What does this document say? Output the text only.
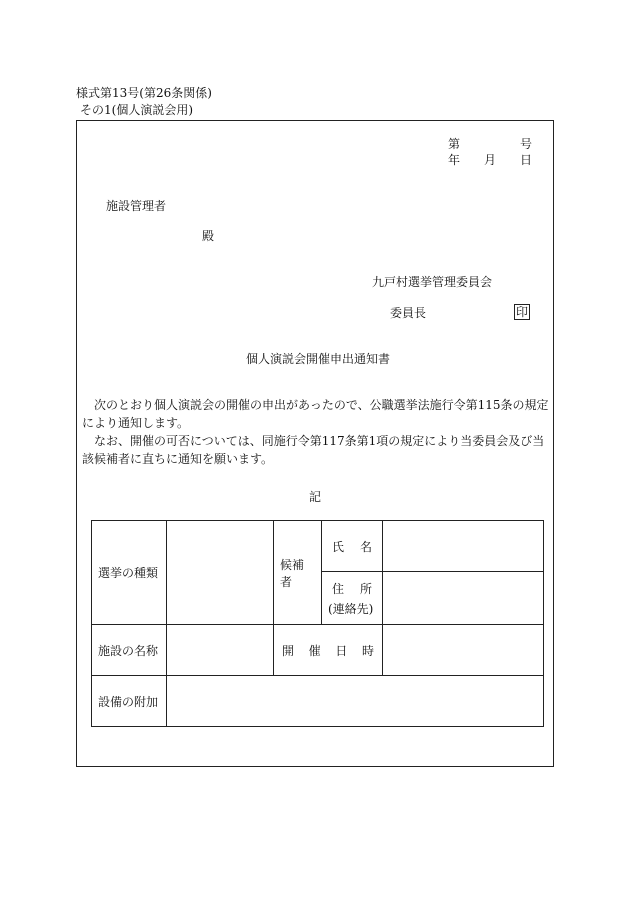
様式第13号(第26条関係)
その1(個人演説会用)
第	号
年 月 日
施設管理者
殿
九戸村選挙管理委員会
委員長	印
個人演説会開催申出通知書
次のとおり個人演説会の開催の申出があったので、公職選挙法施行令第115条の規定により通知します。
なお、開催の可否については、同施行令第117条第1項の規定により当委員会及び当該候補者に直ちに通知を願います。
記
選挙の種類		候補者	氏 名	

			住 所
(連絡先)	

施設の名称		開 催 日 時		

設備の附加				
